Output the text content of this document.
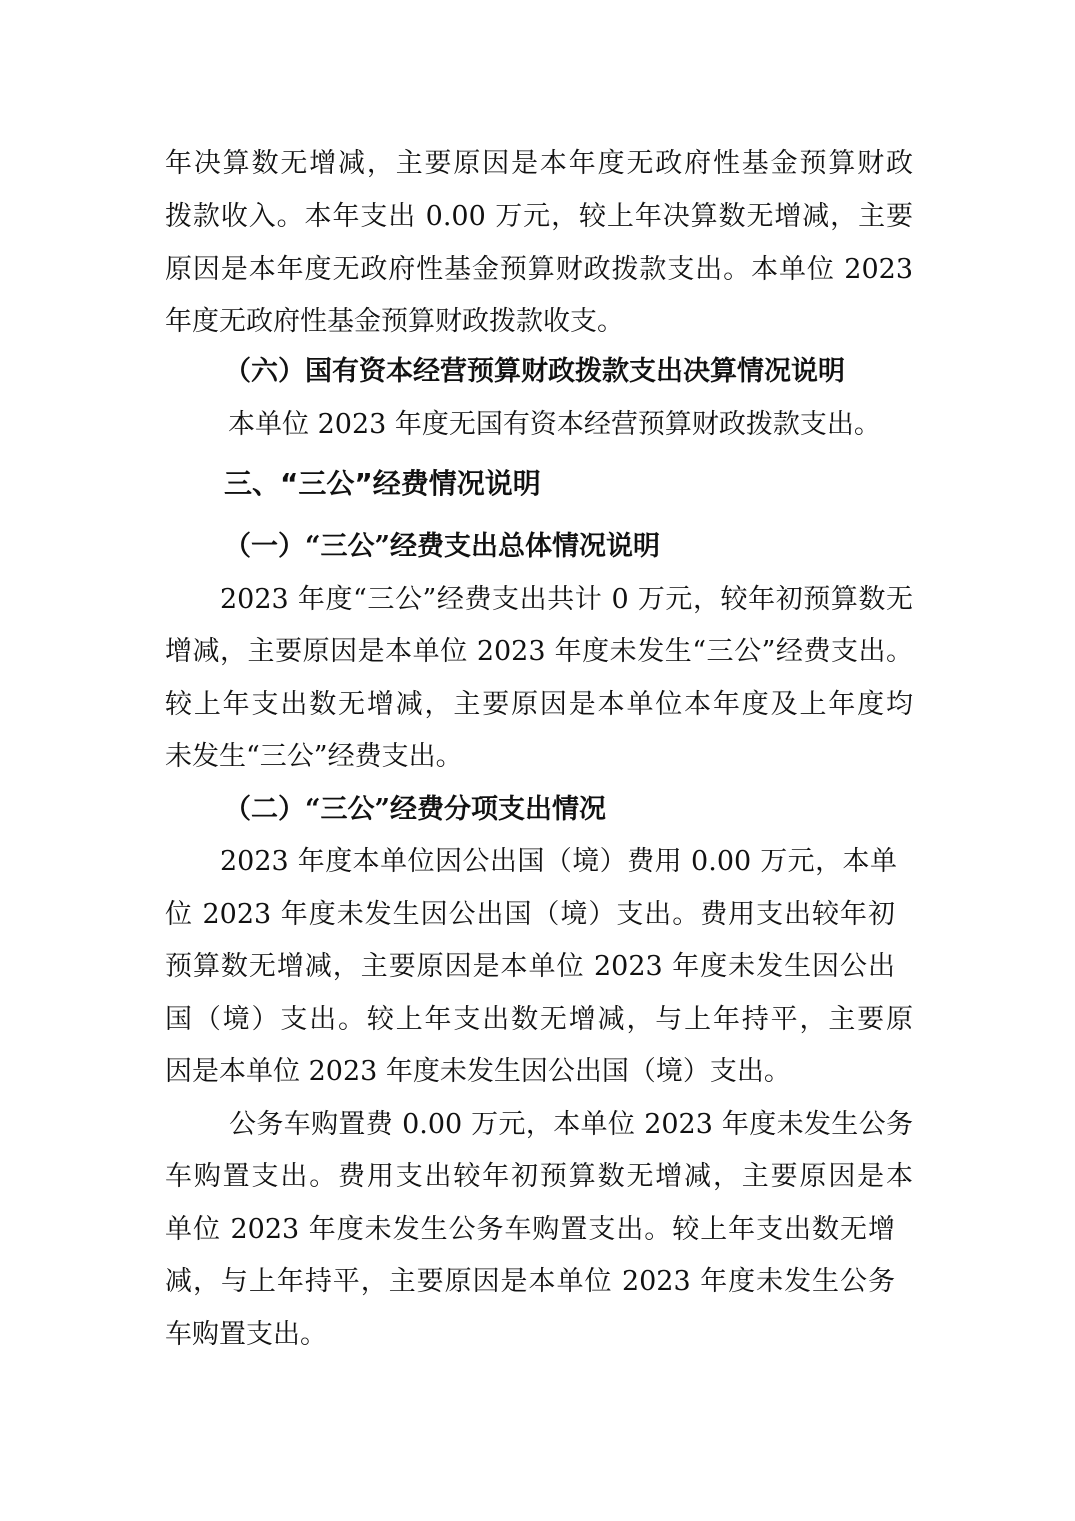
年决算数无增减，主要原因是本年度无政府性基金预算财政
拨款收入。本年支出 0.00 万元，较上年决算数无增减，主要
原因是本年度无政府性基金预算财政拨款支出。本单位 2023
年度无政府性基金预算财政拨款收支。
（六）国有资本经营预算财政拨款支出决算情况说明
本单位 2023 年度无国有资本经营预算财政拨款支出。
三、“三公”经费情况说明
（一）“三公”经费支出总体情况说明
2023 年度“三公”经费支出共计 0 万元，较年初预算数无
增减，主要原因是本单位 2023 年度未发生“三公”经费支出。
较上年支出数无增减，主要原因是本单位本年度及上年度均
未发生“三公”经费支出。
（二）“三公”经费分项支出情况
2023 年度本单位因公出国（境）费用 0.00 万元，本单
位 2023 年度未发生因公出国（境）支出。费用支出较年初
预算数无增减，主要原因是本单位 2023 年度未发生因公出
国（境）支出。较上年支出数无增减，与上年持平，主要原
因是本单位 2023 年度未发生因公出国（境）支出。
公务车购置费 0.00 万元，本单位 2023 年度未发生公务
车购置支出。费用支出较年初预算数无增减，主要原因是本
单位 2023 年度未发生公务车购置支出。较上年支出数无增
减，与上年持平，主要原因是本单位 2023 年度未发生公务
车购置支出。
